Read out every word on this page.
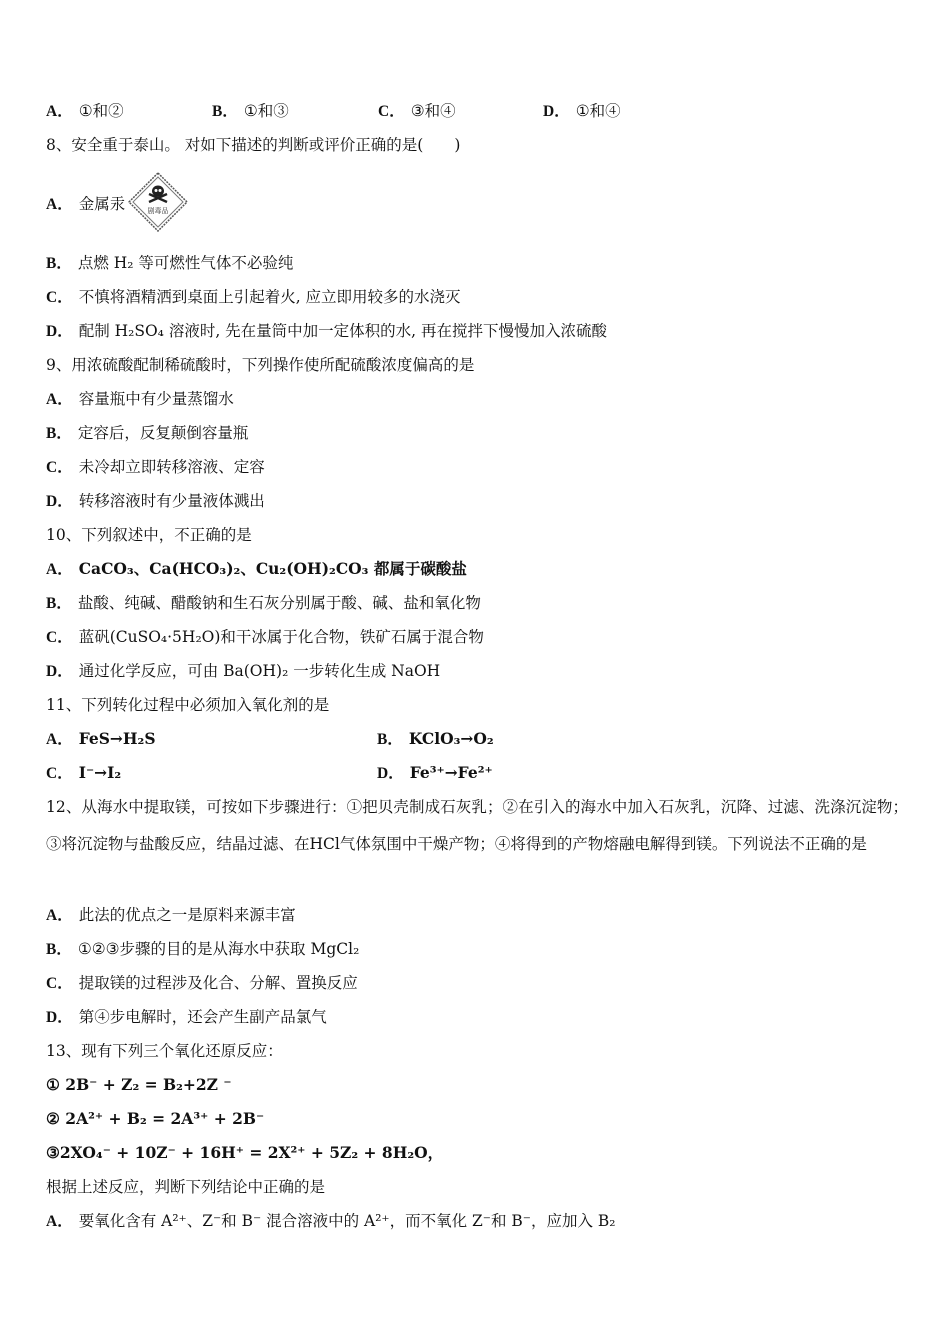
A． ①和②	B． ①和③	C． ③和④	D． ①和④
8、安全重于泰山。 对如下描述的判断或评价正确的是(　　)
A． 金属汞	剧毒品
B． 点燃 H₂ 等可燃性气体不必验纯
C． 不慎将酒精洒到桌面上引起着火, 应立即用较多的水浇灭
D． 配制 H₂SO₄ 溶液时, 先在量筒中加一定体积的水, 再在搅拌下慢慢加入浓硫酸
9、用浓硫酸配制稀硫酸时，下列操作使所配硫酸浓度偏高的是
A． 容量瓶中有少量蒸馏水
B． 定容后，反复颠倒容量瓶
C． 未冷却立即转移溶液、定容
D． 转移溶液时有少量液体溅出
10、下列叙述中，不正确的是
A． CaCO₃、Ca(HCO₃)₂、Cu₂(OH)₂CO₃ 都属于碳酸盐
B． 盐酸、纯碱、醋酸钠和生石灰分别属于酸、碱、盐和氧化物
C． 蓝矾(CuSO₄·5H₂O)和干冰属于化合物，铁矿石属于混合物
D． 通过化学反应，可由 Ba(OH)₂ 一步转化生成 NaOH
11、下列转化过程中必须加入氧化剂的是
A． FeS→H₂S	B． KClO₃→O₂
C． I⁻→I₂	D． Fe³⁺→Fe²⁺
12、从海水中提取镁，可按如下步骤进行：①把贝壳制成石灰乳；②在引入的海水中加入石灰乳，沉降、过滤、洗涤沉淀物；③将沉淀物与盐酸反应，结晶过滤、在HCl气体氛围中干燥产物；④将得到的产物熔融电解得到镁。下列说法不正确的是
A． 此法的优点之一是原料来源丰富
B． ①②③步骤的目的是从海水中获取 MgCl₂
C． 提取镁的过程涉及化合、分解、置换反应
D． 第④步电解时，还会产生副产品氯气
13、现有下列三个氧化还原反应：
① 2B⁻ + Z₂ = B₂+2Z ⁻
② 2A²⁺ + B₂ = 2A³⁺ + 2B⁻
③2XO₄⁻ + 10Z⁻ + 16H⁺ = 2X²⁺ + 5Z₂ + 8H₂O，
根据上述反应，判断下列结论中正确的是
A． 要氧化含有 A²⁺、Z⁻和 B⁻ 混合溶液中的 A²⁺，而不氧化 Z⁻和 B⁻，应加入 B₂
